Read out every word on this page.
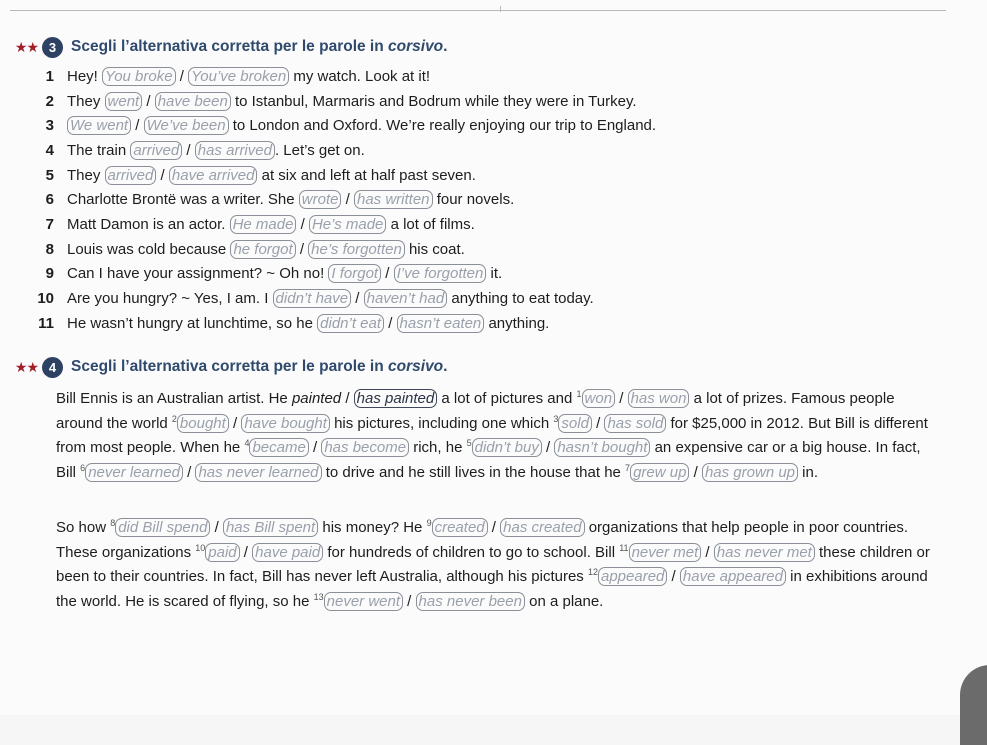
★★ 3 Scegli l’alternativa corretta per le parole in corsivo.
1 Hey! You broke / You’ve broken my watch. Look at it!
2 They went / have been to Istanbul, Marmaris and Bodrum while they were in Turkey.
3	We went / We’ve been to London and Oxford. We’re really enjoying our trip to England.
4 The train arrived / has arrived . Let’s get on.
5 They arrived / have arrived at six and left at half past seven.
6 Charlotte Brontë was a writer. She wrote / has written four novels.
7 Matt Damon is an actor. He made / He’s made a lot of films.
8 Louis was cold because he forgot / he’s forgotten his coat.
9 Can I have your assignment? ~ Oh no! I forgot / I’ve forgotten it.
10 Are you hungry? ~ Yes, I am. I didn’t have / haven’t had anything to eat today.
11 He wasn’t hungry at lunchtime, so he didn’t eat / hasn’t eaten anything.
★★ 4 Scegli l’alternativa corretta per le parole in corsivo.
Bill Ennis is an Australian artist. He painted / has painted a lot of pictures and $^1$ won / has won a lot of prizes. Famous people around the world $^2$ bought / have bought his pictures, including one which $^3$ sold / has sold for $25,000 in 2012. But Bill is different from most people. When he $^4$ became / has become rich, he $^5$ didn’t buy / hasn’t bought an expensive car or a big house. In fact, Bill $^6$ never learned / has never learned to drive and he still lives in the house that he $^7$ grew up / has grown up in.
So how $^8$ did Bill spend / has Bill spent his money? He $^9$ created / has created organizations that help people in poor countries. These organizations $^{10}$ paid / have paid for hundreds of children to go to school. Bill $^{11}$ never met / has never met these children or been to their countries. In fact, Bill has never left Australia, although his pictures $^{12}$ appeared / have appeared in exhibitions around the world. He is scared of flying, so he $^{13}$ never went / has never been on a plane.
